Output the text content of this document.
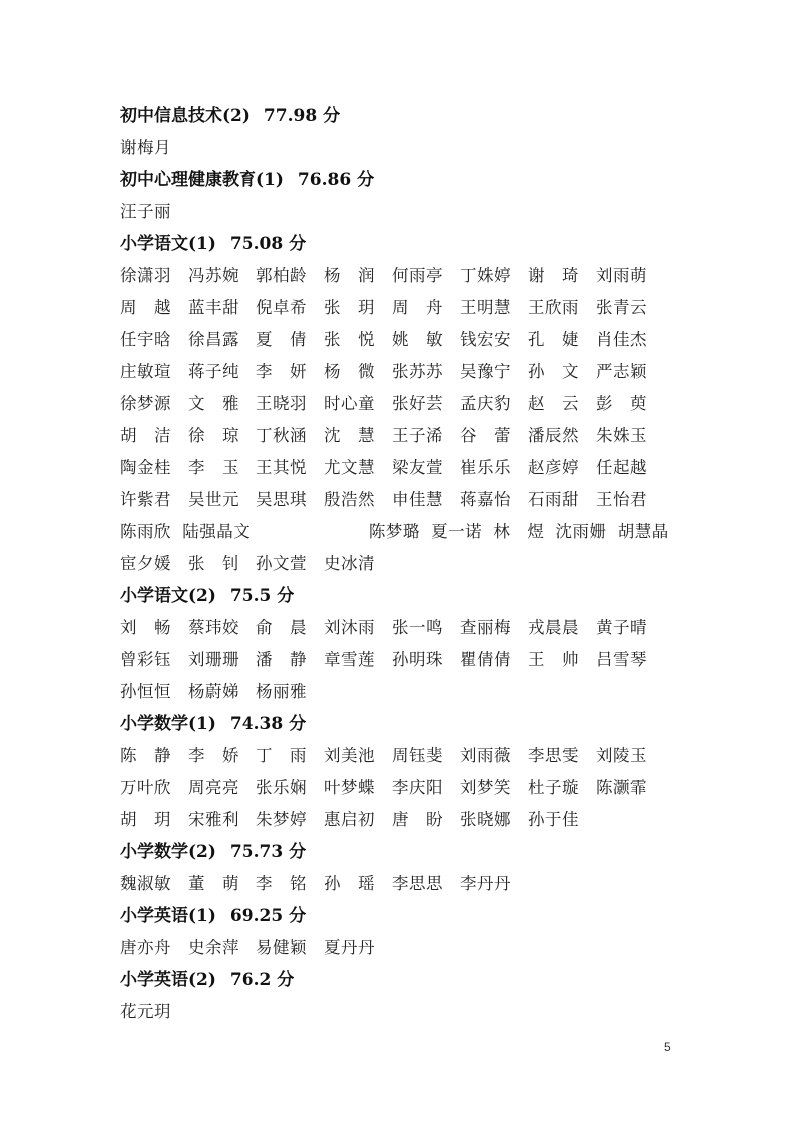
初中信息技术(2) 77.98 分
谢梅月
初中心理健康教育(1) 76.86 分
汪子丽
小学语文(1) 75.08 分
徐潇羽	冯苏婉	郭柏龄	杨　润	何雨亭	丁姝婷	谢　琦	刘雨萌
周　越	蓝丰甜	倪卓希	张　玥	周　舟	王明慧	王欣雨	张青云
任宇晗	徐昌露	夏　倩	张　悦	姚　敏	钱宏安	孔　婕	肖佳杰
庄敏瑄	蒋子纯	李　妍	杨　微	张苏苏	吴豫宁	孙　文	严志颖
徐梦源	文　雅	王晓羽	时心童	张好芸	孟庆豹	赵　云	彭　萸
胡　洁	徐　琼	丁秋涵	沈　慧	王子浠	谷　蕾	潘辰然	朱姝玉
陶金桂	李　玉	王其悦	尤文慧	梁友萱	崔乐乐	赵彦婷	任起越
许紫君	吴世元	吴思琪	殷浩然	申佳慧	蒋嘉怡	石雨甜	王怡君
陈雨欣 陆强晶文	陈梦璐 夏一诺 林　煜 沈雨姗 胡慧晶
宦夕媛	张　钊	孙文萱	史冰清
小学语文(2) 75.5 分
刘　畅	蔡玮姣	俞　晨	刘沐雨	张一鸣	查丽梅	戎晨晨	黄子晴
曾彩钰	刘珊珊	潘　静	章雪莲	孙明珠	瞿倩倩	王　帅	吕雪琴
孙恒恒	杨蔚娣	杨丽雅
小学数学(1) 74.38 分
陈　静	李　娇	丁　雨	刘美池	周钰斐	刘雨薇	李思雯	刘陵玉
万叶欣	周亮亮	张乐娴	叶梦蝶	李庆阳	刘梦笑	杜子璇	陈灏霏
胡　玥	宋雅利	朱梦婷	惠启初	唐　盼	张晓娜	孙于佳
小学数学(2) 75.73 分
魏淑敏	董　萌	李　铭	孙　瑶	李思思	李丹丹
小学英语(1) 69.25 分
唐亦舟	史余萍	易健颖	夏丹丹
小学英语(2) 76.2 分
花元玥
5
